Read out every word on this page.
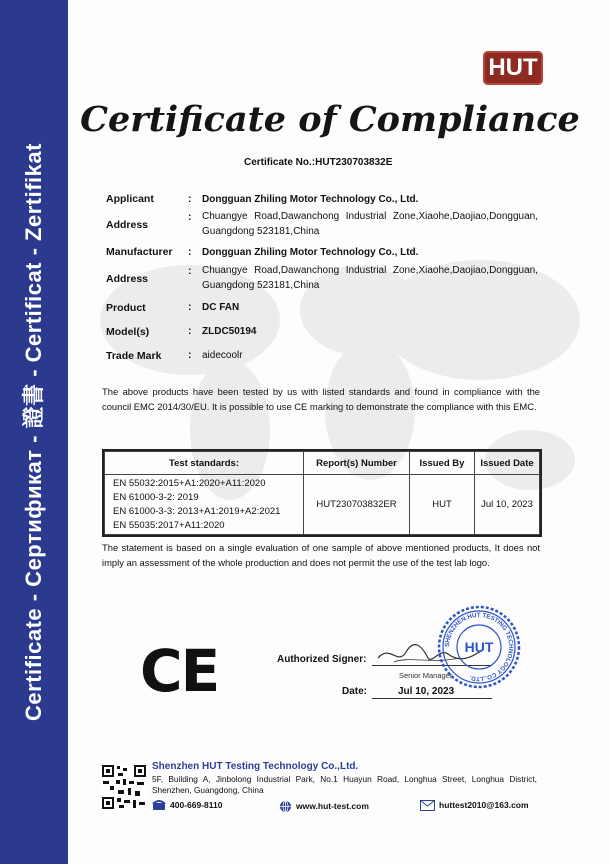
Certificate - Сертификат - 證書 - Certificat - Zertifikat
HUT
Certificate of Compliance
Certificate No.:HUT230703832E
Applicant	: Dongguan Zhiling Motor Technology Co., Ltd.
Address
: Chuangye Road,Dawanchong Industrial Zone,Xiaohe,Daojiao,Dongguan,
Guangdong 523181,China
Manufacturer : Dongguan Zhiling Motor Technology Co., Ltd.
Address
: Chuangye Road,Dawanchong Industrial Zone,Xiaohe,Daojiao,Dongguan,
Guangdong 523181,China
Product	: DC FAN
Model(s)	: ZLDC50194
Trade Mark	: aidecoolr
The above products have been tested by us with listed standards and found in compliance with the council EMC 2014/30/EU. It is possible to use CE marking to demonstrate the compliance with this EMC.
Test standards:	Report(s) Number	Issued By	Issued Date

EN 55032:2015+A1:2020+A11:2020
EN 61000-3-2: 2019
EN 61000-3-3: 2013+A1:2019+A2:2021
EN 55035:2017+A11:2020	HUT230703832ER	HUT	Jul 10, 2023
The statement is based on a single evaluation of one sample of above mentioned products, It does not imply an assessment of the whole production and does not permit the use of the test lab logo.
CE	Authorized Signer:
Senior Manager
Date:	Jul 10, 2023
SHENZHEN HUT TESTING TECHNOLOGY CO.,LTD.
HUT
Shenzhen HUT Testing Technology Co.,Ltd.
5F, Building A, Jinbolong Industrial Park, No.1 Huayun Road, Longhua Street, Longhua District, Shenzhen, Guangdong, China
400-669-8110	www.hut-test.com	huttest2010@163.com
